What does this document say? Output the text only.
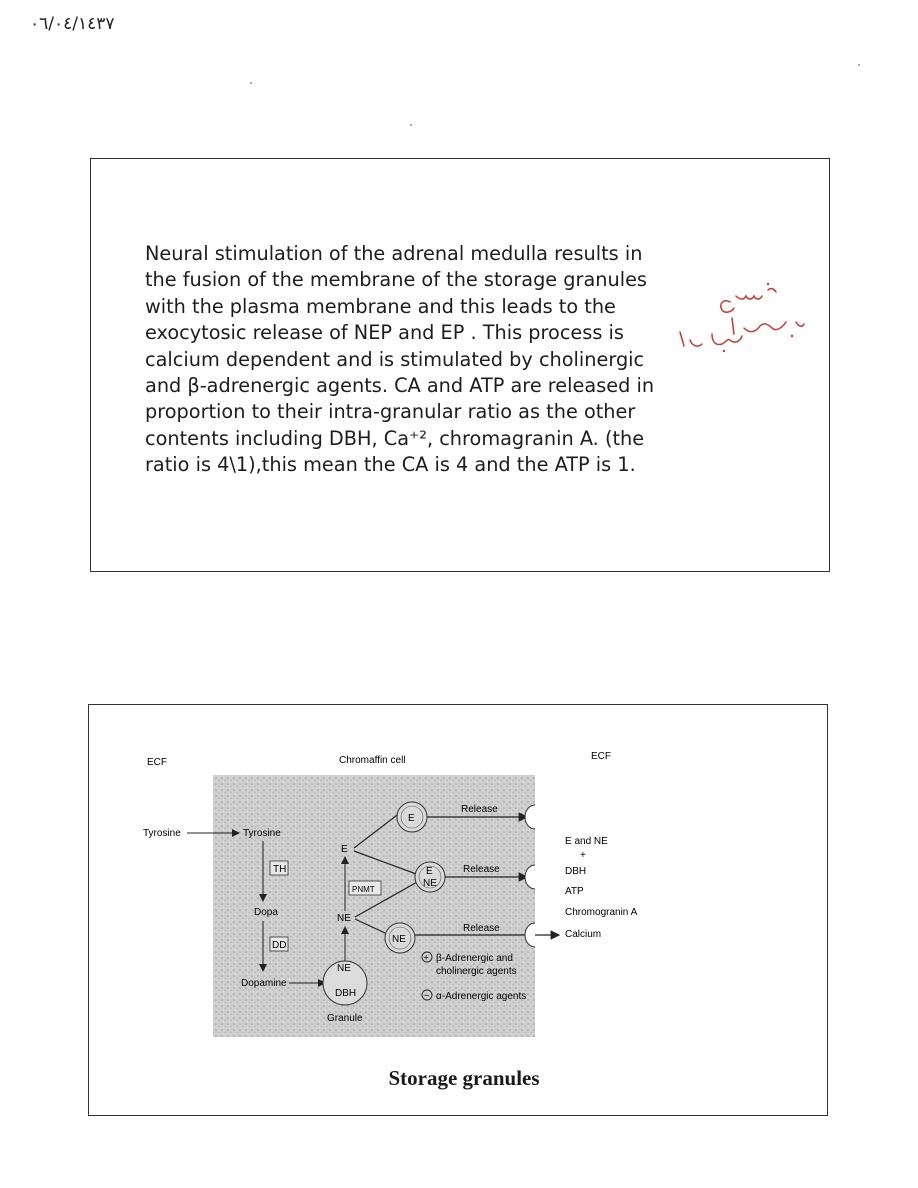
٠٦/٠٤/١٤٣٧
Neural stimulation of the adrenal medulla results in
the fusion of the membrane of the storage granules
with the plasma membrane and this leads to the
exocytosic release of NEP and EP . This process is
calcium dependent and is stimulated by cholinergic
and β-adrenergic agents. CA and ATP are released in
proportion to their intra-granular ratio as the other
contents including DBH, Ca⁺², chromagranin A. (the
ratio is 4\1),this mean the CA is 4 and the ATP is 1.
ECF	Chromaffin cell	ECF
Tyrosine	Tyrosine
TH
Dopa
DD
Dopamine
NE
DBH
Granule
NE
PNMT
E
E
E
NE
NE
Release
Release
Release
+ β-Adrenergic and
cholinergic agents
− α-Adrenergic agents
E and NE
+
DBH
ATP
Chromogranin A
Calcium
Storage granules
